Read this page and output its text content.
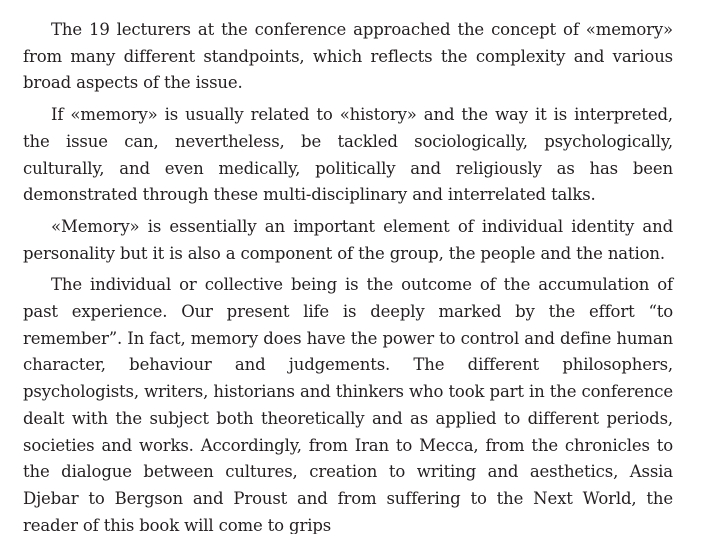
The 19 lecturers at the conference approached the concept of «memory» from many different standpoints, which reflects the complexity and various broad aspects of the issue.

If «memory» is usually related to «history» and the way it is interpreted, the issue can, nevertheless, be tackled sociologically, psychologically, culturally, and even medically, politically and religiously as has been demonstrated through these multi-disciplinary and interrelated talks.

«Memory» is essentially an important element of individual identity and personality but it is also a component of the group, the people and the nation.

The individual or collective being is the outcome of the accumulation of past experience. Our present life is deeply marked by the effort “to remember”. In fact, memory does have the power to control and define human character, behaviour and judgements. The different philosophers, psychologists, writers, historians and thinkers who took part in the conference dealt with the subject both theoretically and as applied to different periods, societies and works. Accordingly, from Iran to Mecca, from the chronicles to the dialogue between cultures, creation to writing and aesthetics, Assia Djebar to Bergson and Proust and from suffering to the Next World, the reader of this book will come to grips
